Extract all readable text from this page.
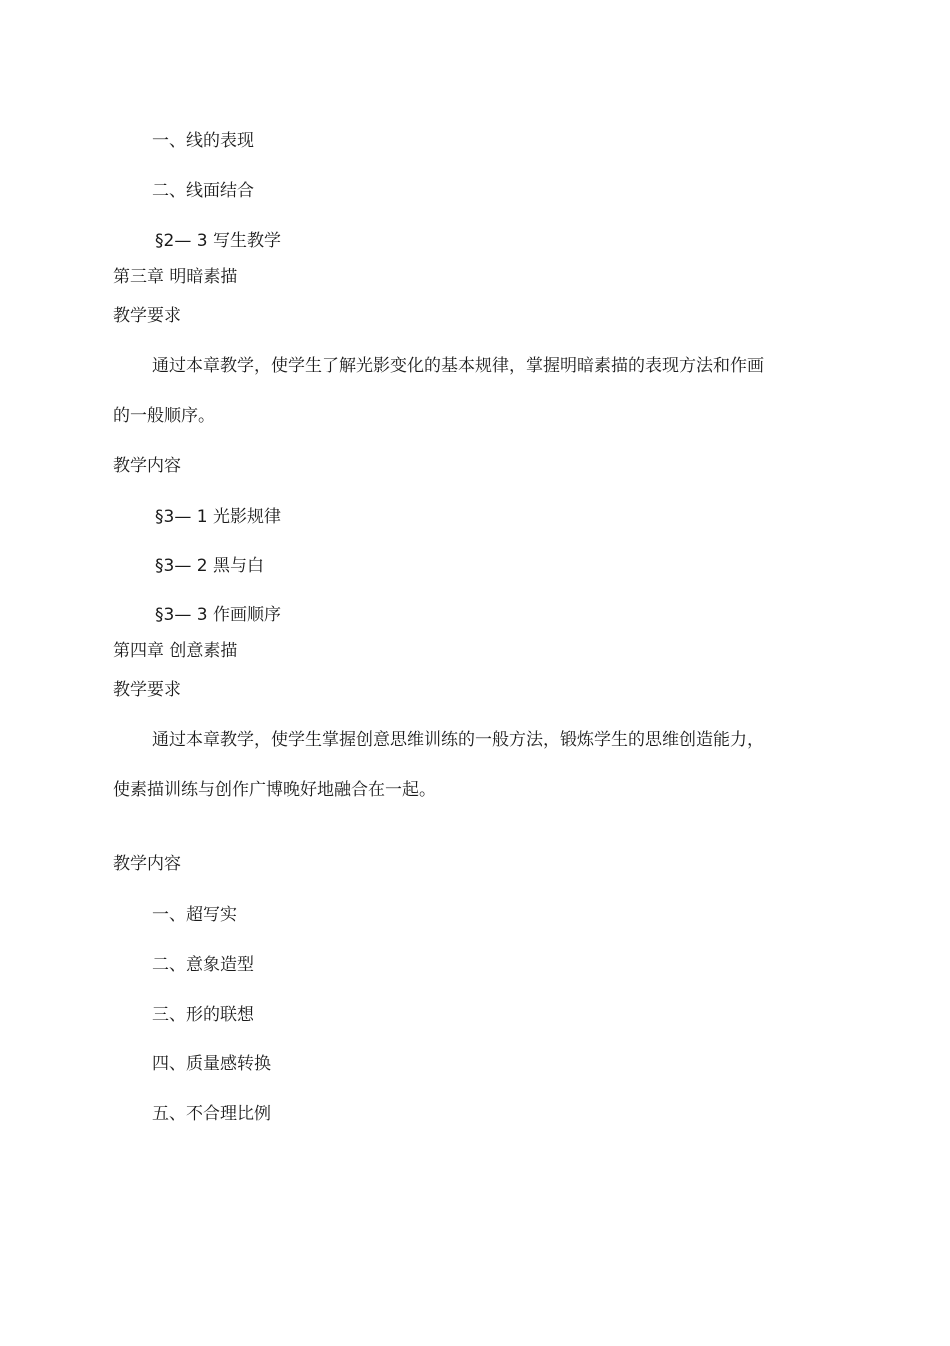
一、线的表现
二、线面结合
§2— 3 写生教学
第三章 明暗素描
教学要求
通过本章教学，使学生了解光影变化的基本规律，掌握明暗素描的表现方法和作画
的一般顺序。
教学内容
§3— 1 光影规律
§3— 2 黑与白
§3— 3 作画顺序
第四章 创意素描
教学要求
通过本章教学，使学生掌握创意思维训练的一般方法，锻炼学生的思维创造能力，
使素描训练与创作广博晚好地融合在一起。
教学内容
一、超写实
二、意象造型
三、形的联想
四、质量感转换
五、不合理比例
